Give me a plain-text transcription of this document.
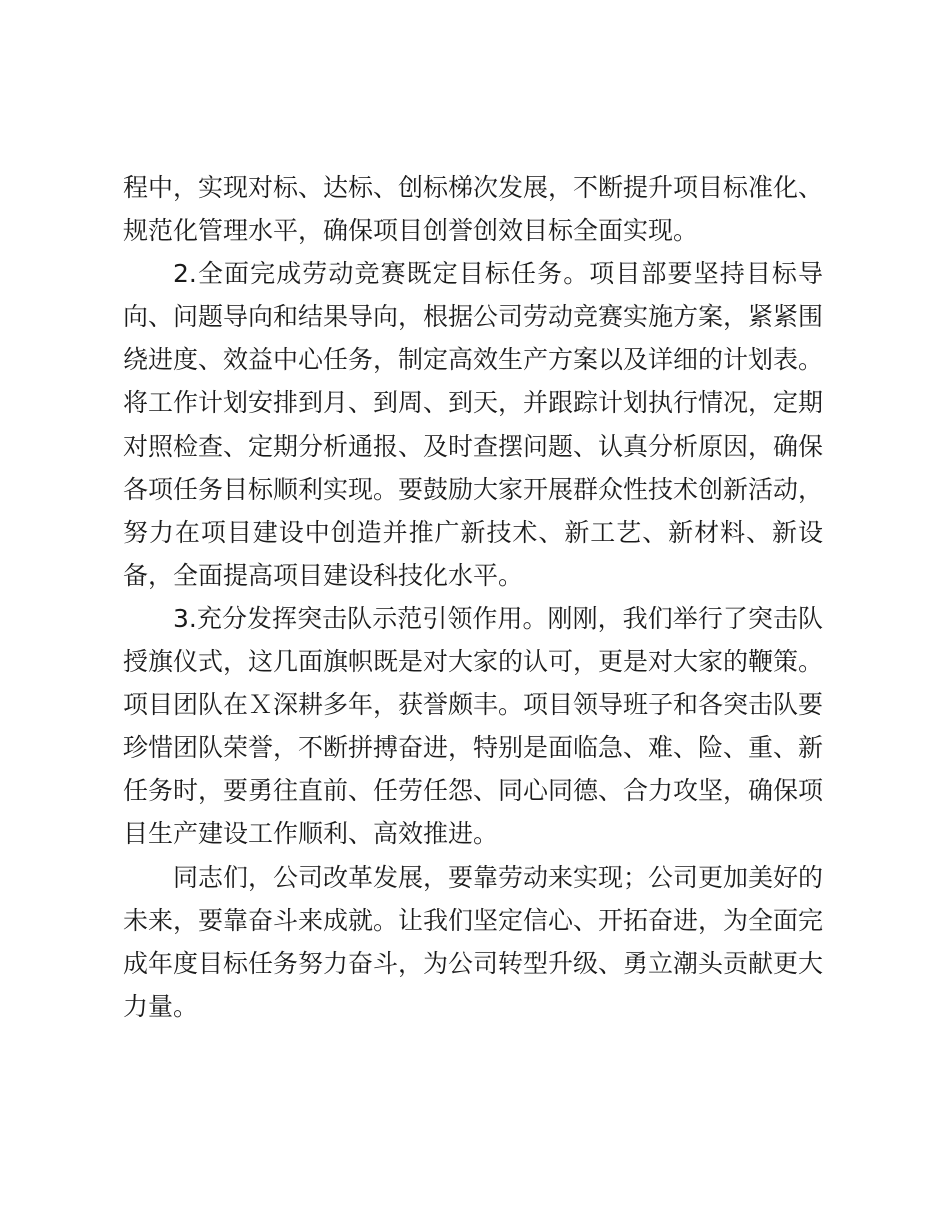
程中，实现对标、达标、创标梯次发展，不断提升项目标准化、
规范化管理水平，确保项目创誉创效目标全面实现。
2.全面完成劳动竞赛既定目标任务。项目部要坚持目标导
向、问题导向和结果导向，根据公司劳动竞赛实施方案，紧紧围
绕进度、效益中心任务，制定高效生产方案以及详细的计划表。
将工作计划安排到月、到周、到天，并跟踪计划执行情况，定期
对照检查、定期分析通报、及时查摆问题、认真分析原因，确保
各项任务目标顺利实现。要鼓励大家开展群众性技术创新活动，
努力在项目建设中创造并推广新技术、新工艺、新材料、新设
备，全面提高项目建设科技化水平。
3.充分发挥突击队示范引领作用。刚刚，我们举行了突击队
授旗仪式，这几面旗帜既是对大家的认可，更是对大家的鞭策。
项目团队在Ｘ深耕多年，获誉颇丰。项目领导班子和各突击队要
珍惜团队荣誉，不断拼搏奋进，特别是面临急、难、险、重、新
任务时，要勇往直前、任劳任怨、同心同德、合力攻坚，确保项
目生产建设工作顺利、高效推进。
同志们，公司改革发展，要靠劳动来实现；公司更加美好的
未来，要靠奋斗来成就。让我们坚定信心、开拓奋进，为全面完
成年度目标任务努力奋斗，为公司转型升级、勇立潮头贡献更大
力量。
